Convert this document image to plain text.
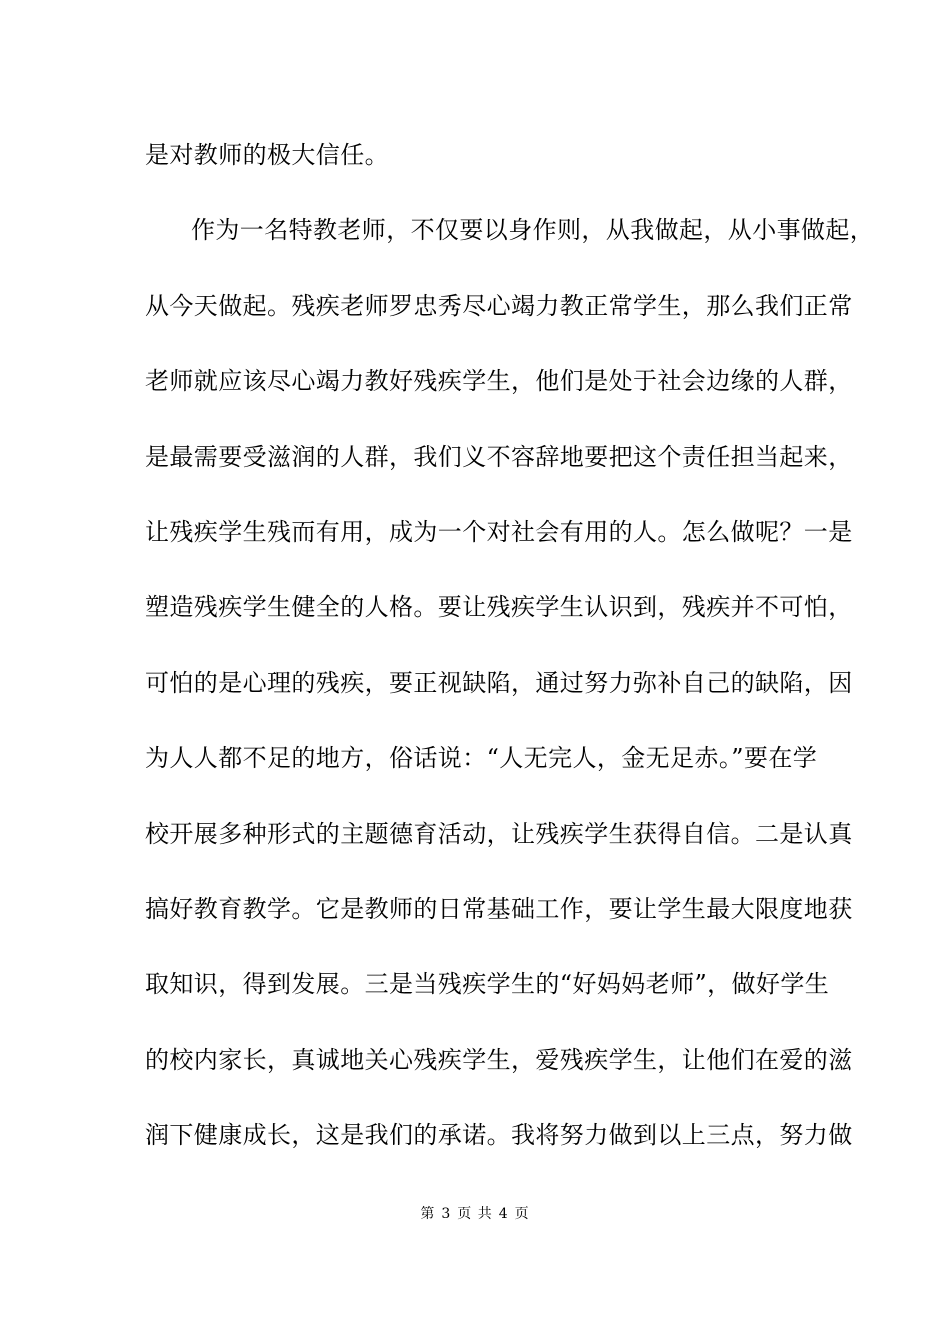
是对教师的极大信任。
作为一名特教老师，不仅要以身作则，从我做起，从小事做起，
从今天做起。残疾老师罗忠秀尽心竭力教正常学生，那么我们正常
老师就应该尽心竭力教好残疾学生，他们是处于社会边缘的人群，
是最需要受滋润的人群，我们义不容辞地要把这个责任担当起来，
让残疾学生残而有用，成为一个对社会有用的人。怎么做呢？一是
塑造残疾学生健全的人格。要让残疾学生认识到，残疾并不可怕，
可怕的是心理的残疾，要正视缺陷，通过努力弥补自己的缺陷，因
为人人都不足的地方，俗话说：“人无完人，金无足赤。”要在学
校开展多种形式的主题德育活动，让残疾学生获得自信。二是认真
搞好教育教学。它是教师的日常基础工作，要让学生最大限度地获
取知识，得到发展。三是当残疾学生的“好妈妈老师”，做好学生
的校内家长，真诚地关心残疾学生，爱残疾学生，让他们在爱的滋
润下健康成长，这是我们的承诺。我将努力做到以上三点，努力做
第 3 页 共 4 页
